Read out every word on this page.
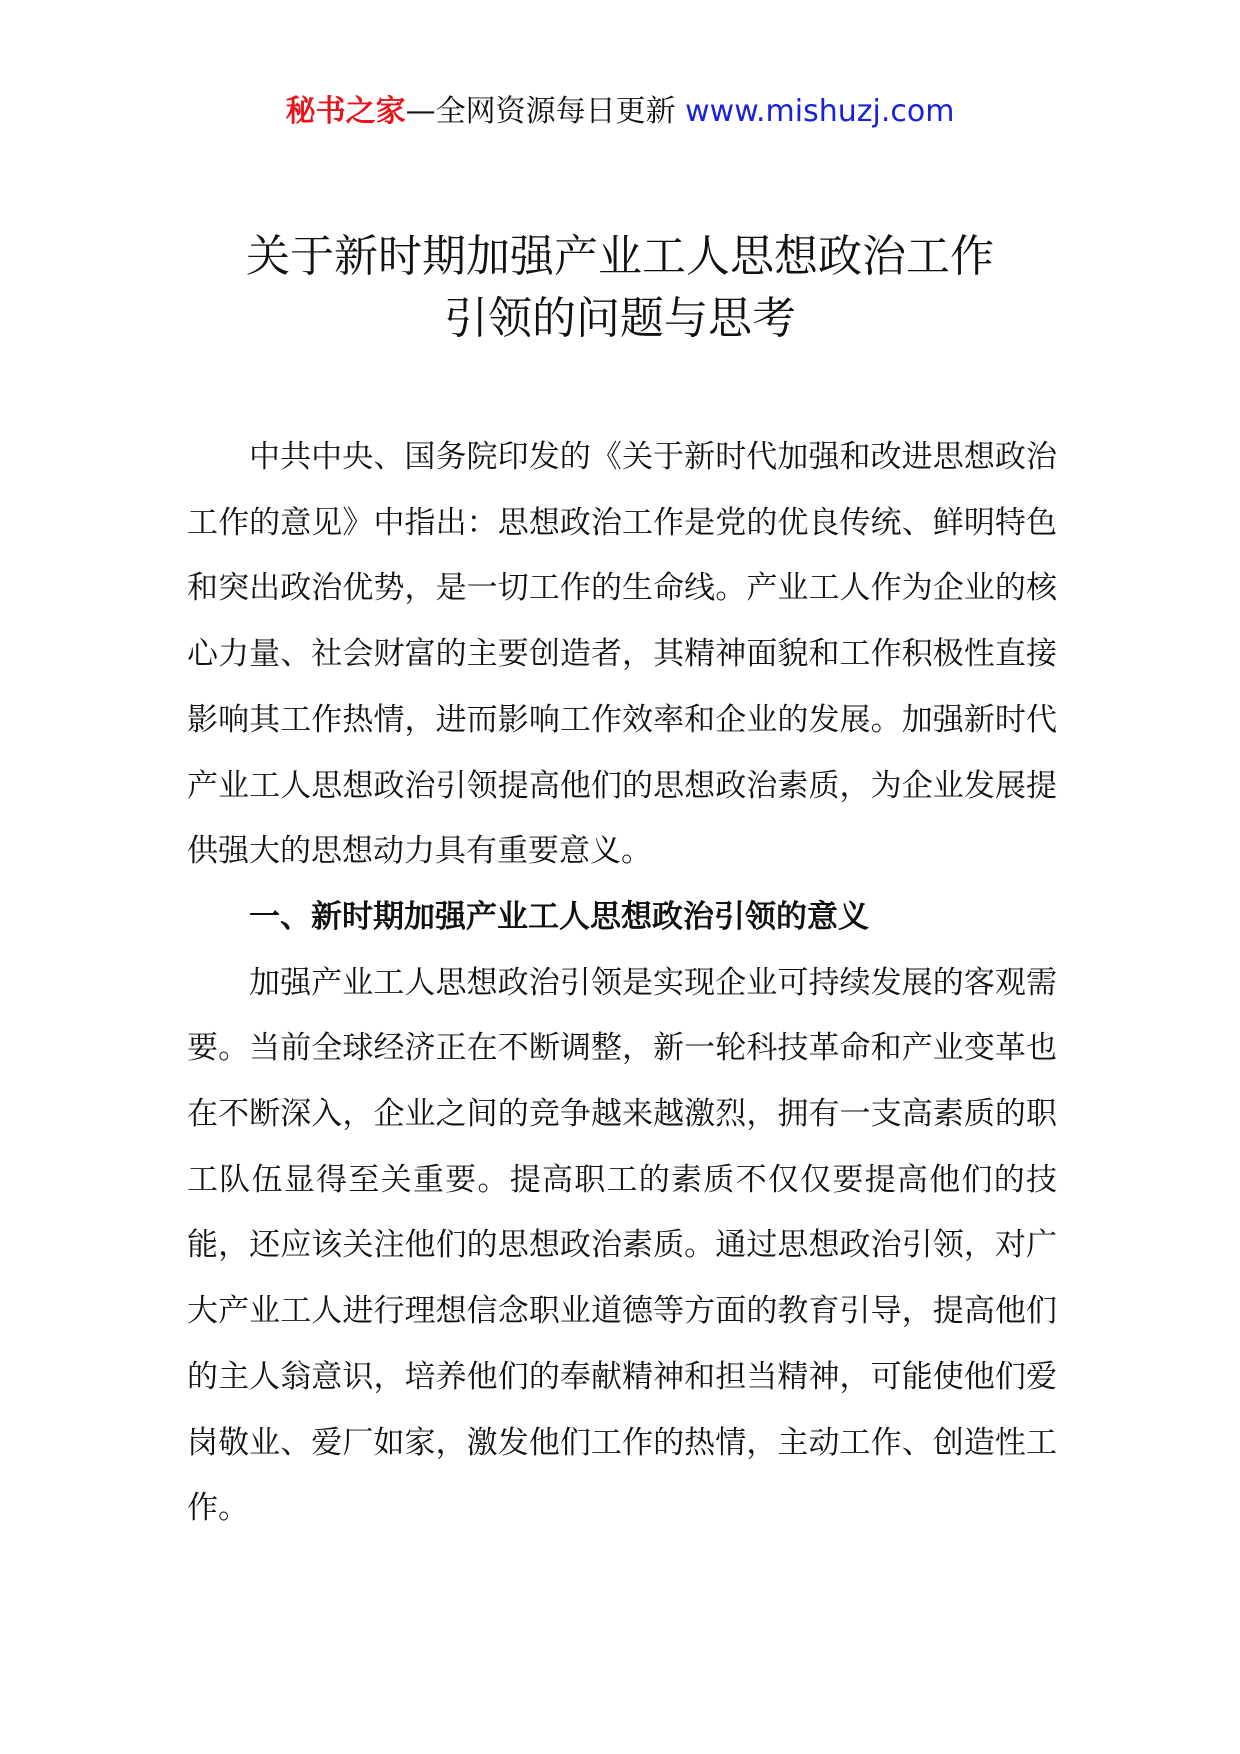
秘书之家—全网资源每日更新 www.mishuzj.com
关于新时期加强产业工人思想政治工作
引领的问题与思考

中共中央、国务院印发的《关于新时代加强和改进思想政治工作的意见》中指出：思想政治工作是党的优良传统、鲜明特色和突出政治优势，是一切工作的生命线。产业工人作为企业的核心力量、社会财富的主要创造者，其精神面貌和工作积极性直接影响其工作热情，进而影响工作效率和企业的发展。加强新时代产业工人思想政治引领提高他们的思想政治素质，为企业发展提供强大的思想动力具有重要意义。

一、新时期加强产业工人思想政治引领的意义

加强产业工人思想政治引领是实现企业可持续发展的客观需要。当前全球经济正在不断调整，新一轮科技革命和产业变革也在不断深入，企业之间的竞争越来越激烈，拥有一支高素质的职工队伍显得至关重要。提高职工的素质不仅仅要提高他们的技能，还应该关注他们的思想政治素质。通过思想政治引领，对广大产业工人进行理想信念职业道德等方面的教育引导，提高他们的主人翁意识，培养他们的奉献精神和担当精神，可能使他们爱岗敬业、爱厂如家，激发他们工作的热情，主动工作、创造性工作。
